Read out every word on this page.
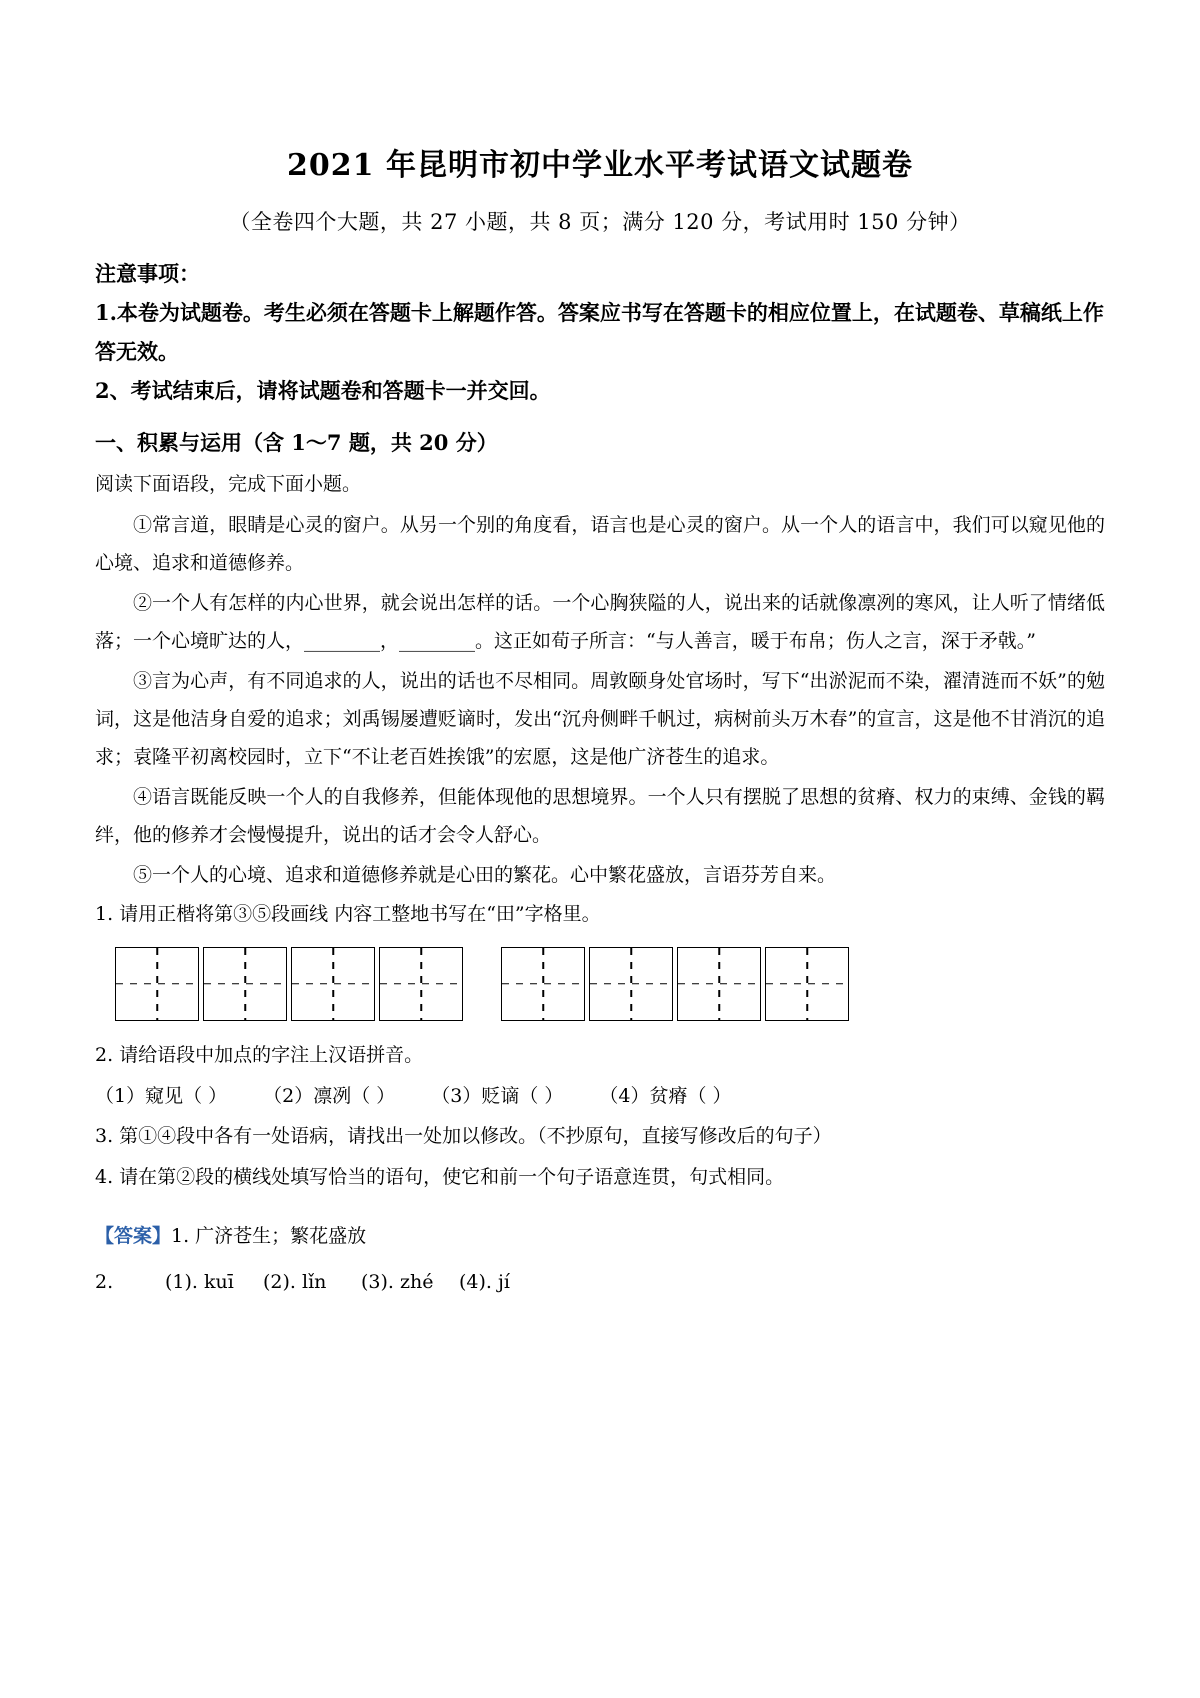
2021 年昆明市初中学业水平考试语文试题卷
（全卷四个大题，共 27 小题，共 8 页；满分 120 分，考试用时 150 分钟）
注意事项：

1.本卷为试题卷。考生必须在答题卡上解题作答。答案应书写在答题卡的相应位置上，在试题卷、草稿纸上作答无效。

2、考试结束后，请将试题卷和答题卡一并交回。

一、积累与运用（含 1～7 题，共 20 分）

阅读下面语段，完成下面小题。

①常言道，眼睛是心灵的窗户。从另一个别的角度看，语言也是心灵的窗户。从一个人的语言中，我们可以窥见他的心境、追求和道德修养。

②一个人有怎样的内心世界，就会说出怎样的话。一个心胸狭隘的人，说出来的话就像凛冽的寒风，让人听了情绪低落；一个心境旷达的人，________，________。这正如荀子所言：“与人善言，暖于布帛；伤人之言，深于矛戟。”

③言为心声，有不同追求的人，说出的话也不尽相同。周敦颐身处官场时，写下“出淤泥而不染，濯清涟而不妖”的勉词，这是他洁身自爱的追求；刘禹锡屡遭贬谪时，发出“沉舟侧畔千帆过，病树前头万木春”的宣言，这是他不甘消沉的追求；袁隆平初离校园时，立下“不让老百姓挨饿”的宏愿，这是他广济苍生的追求。

④语言既能反映一个人的自我修养，但能体现他的思想境界。一个人只有摆脱了思想的贫瘠、权力的束缚、金钱的羁绊，他的修养才会慢慢提升，说出的话才会令人舒心。

⑤一个人的心境、追求和道德修养就是心田的繁花。心中繁花盛放，言语芬芳自来。

1. 请用正楷将第③⑤段画线 内容工整地书写在“田”字格里。

2. 请给语段中加点的字注上汉语拼音。

（1）窥见（ ） （2）凛冽（ ） （3）贬谪（ ） （4）贫瘠（ ）

3. 第①④段中各有一处语病，请找出一处加以修改。（不抄原句，直接写修改后的句子）

4. 请在第②段的横线处填写恰当的语句，使它和前一个句子语意连贯，句式相同。

【答案】1. 广济苍生；繁花盛放
2.	(1). kuī	(2). lǐn	(3). zhé	(4). jí
